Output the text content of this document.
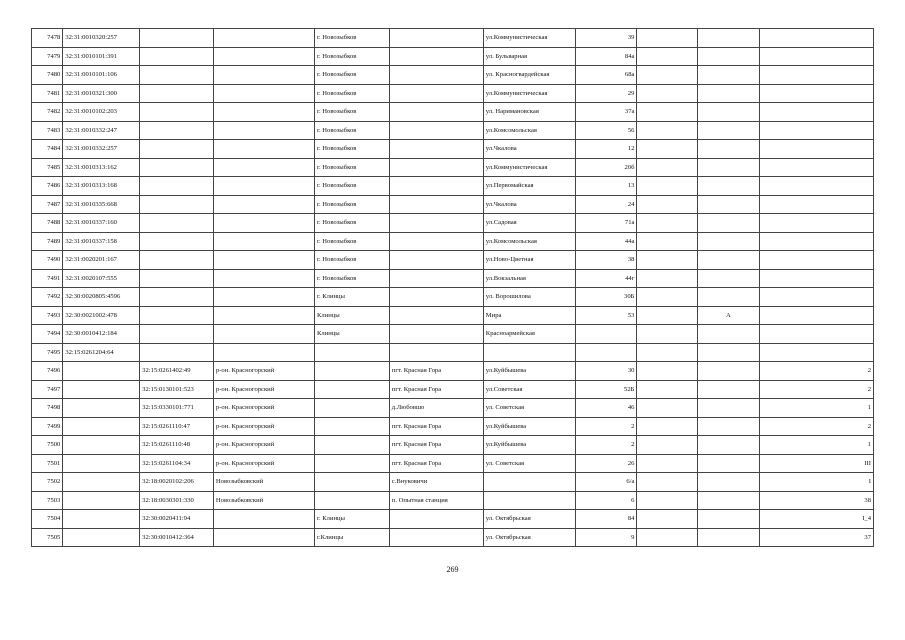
7478	32:31:0010320:257			г. Новозыбков		ул.Коммунистическая	39			
7479	32:31:0010101:391			г. Новозыбков		ул. Бульварная	84а			
7480	32:31:0010101:106			г. Новозыбков		ул. Красногвардейская	68а			
7481	32:31:0010321:300			г. Новозыбков		ул.Коммунистическая	29			
7482	32:31:0010102:203			г. Новозыбков		ул. Наримановская	37а			
7483	32:31:0010332:247			г. Новозыбков		ул.Комсомольская	56			
7484	32:31:0010332:257			г. Новозыбков		ул.Чкалова	12			
7485	32:31:0010313:162			г. Новозыбков		ул.Коммунистическая	20б			
7486	32:31:0010313:168			г. Новозыбков		ул.Первомайская	13			
7487	32:31:0010335:668			г. Новозыбков		ул.Чкалова	24			
7488	32:31:0010337:160			г. Новозыбков		ул.Садовая	71а			
7489	32:31:0010337:158			г. Новозыбков		ул.Комсомольская	44а			
7490	32:31:0020201:167			г. Новозыбков		ул.Ново-Цветная	38			
7491	32:31:0020107:555			г. Новозыбков		ул.Вокзальная	44г			
7492	32:30:0020805:4596			г. Клинцы		ул. Ворошилова	30Б			
7493	32:30:0021002:478			Клинцы		Мира	53		А	
7494	32:30:0010412:184			Клинцы		Красноармейская				
7495	32:15:0261204:64									
7496		32:15:0261402:49	р-он. Красногорский		пгт. Красная Гора	ул.Куйбышева	30			2
7497		32:15:0130101:523	р-он. Красногорский		пгт. Красная Гора	ул.Советская	52Б			2
7498		32:15:0330101:771	р-он. Красногорский		д.Любовшо	ул. Советская	46			1
7499		32:15:0261110:47	р-он. Красногорский		пгт. Красная Гора	ул.Куйбышева	2			2
7500		32:15:0261110:48	р-он. Красногорский		пгт. Красная Гора	ул.Куйбышева	2			1
7501		32:15:0261104:34	р-он. Красногорский		пгт. Красная Гора	ул. Советская	26			III
7502		32:18:0020102:206	Новозыбковский		с.Внуковичи		6/а			I
7503		32:18:0030301:330	Новозыбковский		п. Опытная станция		6			38
7504		32:30:0020411:94		г. Клинцы		ул. Октябрьская	84			I_4
7505		32:30:0010412:364		г.Клинцы		ул. Октябрьская	9			37
269
